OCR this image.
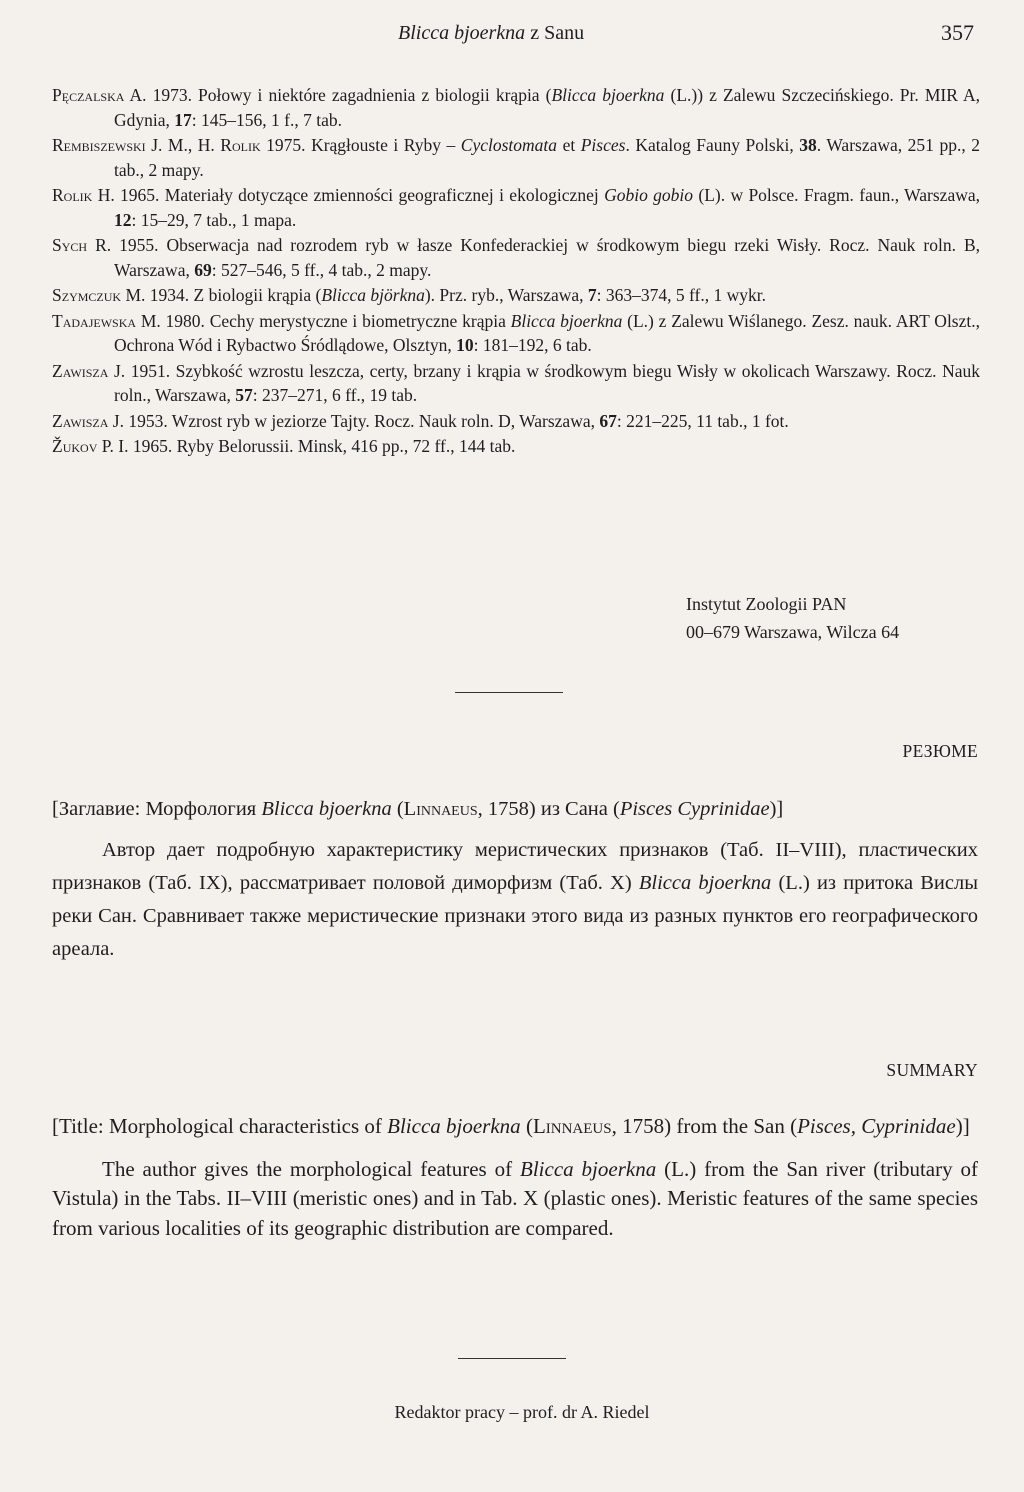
Blicca bjoerkna z Sanu	357
Pęczalska A. 1973. Połowy i niektóre zagadnienia z biologii krąpia (Blicca bjoerkna (L.)) z Zalewu Szczecińskiego. Pr. MIR A, Gdynia, 17: 145–156, 1 f., 7 tab.
Rembiszewski J. M., H. Rolik 1975. Krągłouste i Ryby – Cyclostomata et Pisces. Katalog Fauny Polski, 38. Warszawa, 251 pp., 2 tab., 2 mapy.
Rolik H. 1965. Materiały dotyczące zmienności geograficznej i ekologicznej Gobio gobio (L). w Polsce. Fragm. faun., Warszawa, 12: 15–29, 7 tab., 1 mapa.
Sych R. 1955. Obserwacja nad rozrodem ryb w łasze Konfederackiej w środkowym biegu rzeki Wisły. Rocz. Nauk roln. B, Warszawa, 69: 527–546, 5 ff., 4 tab., 2 mapy.
Szymczuk M. 1934. Z biologii krąpia (Blicca björkna). Prz. ryb., Warszawa, 7: 363–374, 5 ff., 1 wykr.
Tadajewska M. 1980. Cechy merystyczne i biometryczne krąpia Blicca bjoerkna (L.) z Zalewu Wiślanego. Zesz. nauk. ART Olszt., Ochrona Wód i Rybactwo Śródlądowe, Olsztyn, 10: 181–192, 6 tab.
Zawisza J. 1951. Szybkość wzrostu leszcza, certy, brzany i krąpia w środkowym biegu Wisły w okolicach Warszawy. Rocz. Nauk roln., Warszawa, 57: 237–271, 6 ff., 19 tab.
Zawisza J. 1953. Wzrost ryb w jeziorze Tajty. Rocz. Nauk roln. D, Warszawa, 67: 221–225, 11 tab., 1 fot.
Žukov P. I. 1965. Ryby Belorussii. Minsk, 416 pp., 72 ff., 144 tab.
Instytut Zoologii PAN
00–679 Warszawa, Wilcza 64
РЕЗЮМЕ

[Заглавие: Морфология Blicca bjoerkna (Linnaeus, 1758) из Сана (Pisces Cyprinidae)]

Автор дает подробную характеристику меристических признаков (Таб. II–VIII), пластических признаков (Таб. IX), рассматривает половой диморфизм (Таб. X) Blicca bjoerkna (L.) из притока Вислы реки Сан. Сравнивает также меристические признаки этого вида из разных пунктов его географического ареала.

SUMMARY

[Title: Morphological characteristics of Blicca bjoerkna (Linnaeus, 1758) from the San (Pisces, Cyprinidae)]

The author gives the morphological features of Blicca bjoerkna (L.) from the San river (tributary of Vistula) in the Tabs. II–VIII (meristic ones) and in Tab. X (plastic ones). Meristic features of the same species from various localities of its geographic distribution are compared.

Redaktor pracy – prof. dr A. Riedel
